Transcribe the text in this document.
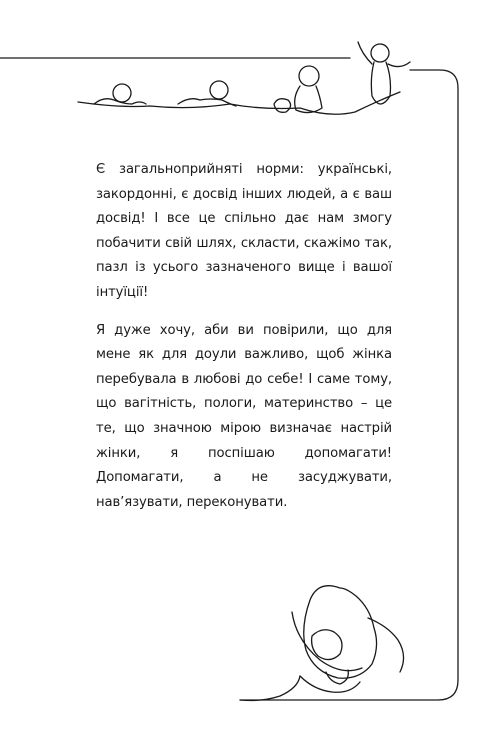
Є загальноприйняті норми: українські, закордонні, є досвід інших людей, а є ваш досвід! І все це спільно дає нам змогу побачити свій шлях, скласти, скажімо так, пазл із усього зазначеного вище і вашої інтуїції!

Я дуже хочу, аби ви повірили, що для мене як для доули важливо, щоб жінка перебувала в любові до себе! І саме тому, що вагітність, пологи, материнство – це те, що значною мірою визначає настрій жінки, я поспішаю допомагати! Допомагати, а не засуджувати, нав’язувати, переконувати.
